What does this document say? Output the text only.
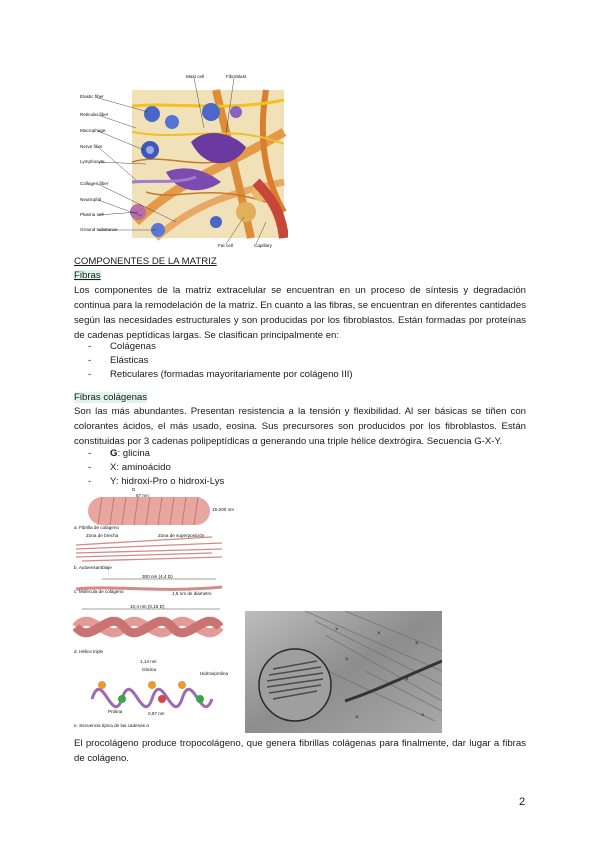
Elastic fiber
Reticular fiber
Macrophage
Nerve fiber
Lymphocyte
Collagen fiber
Neutrophil
Plasma cell
Ground substance
Mast cell	Fibroblast
Fat cell	Capillary
COMPONENTES DE LA MATRIZ
Fibras
Los componentes de la matriz extracelular se encuentran en un proceso de síntesis y degradación continua para la remodelación de la matriz. En cuanto a las fibras, se encuentran en diferentes cantidades según las necesidades estructurales y son producidas por los fibroblastos. Están formadas por proteínas de cadenas peptídicas largas. Se clasifican principalmente en:
- Colágenas
- Elásticas
- Reticulares (formadas mayoritariamente por colágeno III)
Fibras colágenas
Son las más abundantes. Presentan resistencia a la tensión y flexibilidad. Al ser básicas se tiñen con colorantes ácidos, el más usado, eosina. Sus precursores son producidos por los fibroblastos. Están constituidas por 3 cadenas polipeptídicas α generando una triple hélice dextrógira. Secuencia G-X-Y.
- G: glicina
- X: aminoácido
- Y: hidroxi-Pro o hidroxi-Lys
D
67 nm
15-200 nm
a. Fibrilla de colágeno
Zona de brecha	Zona de superposición
b. Autoensamblaje
300 nm (4,4 D)
c. Molécula de colágeno	1,5 nm de diámetro
10,4 nm (0,15 D)
d. Hélice triple
1,14 nm
Glicina
Hidroxiprolina
Prolina	0,87 nm
e. Secuencia típica de las cadenas α
×
×
×
×
×
×	×
El procolágeno produce tropocolágeno, que genera fibrillas colágenas para finalmente, dar lugar a fibras de colágeno.
2
